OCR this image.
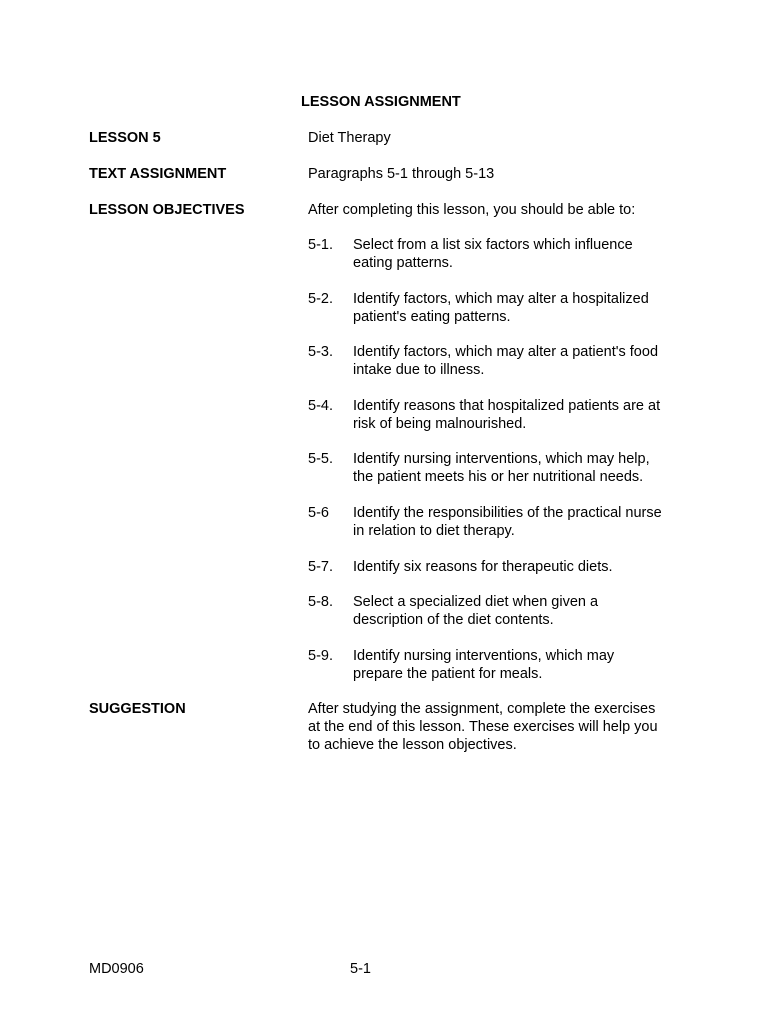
LESSON ASSIGNMENT
LESSON 5	Diet Therapy
TEXT ASSIGNMENT	Paragraphs 5-1 through 5-13
LESSON OBJECTIVES	After completing this lesson, you should be able to:
5-1. Select from a list six factors which influence
eating patterns.
5-2. Identify factors, which may alter a hospitalized
patient's eating patterns.
5-3. Identify factors, which may alter a patient's food
intake due to illness.
5-4. Identify reasons that hospitalized patients are at
risk of being malnourished.
5-5. Identify nursing interventions, which may help,
the patient meets his or her nutritional needs.
5-6 Identify the responsibilities of the practical nurse
in relation to diet therapy.
5-7. Identify six reasons for therapeutic diets.
5-8. Select a specialized diet when given a
description of the diet contents.
5-9. Identify nursing interventions, which may
prepare the patient for meals.
SUGGESTION	After studying the assignment, complete the exercises
at the end of this lesson. These exercises will help you
to achieve the lesson objectives.
MD0906	5-1
